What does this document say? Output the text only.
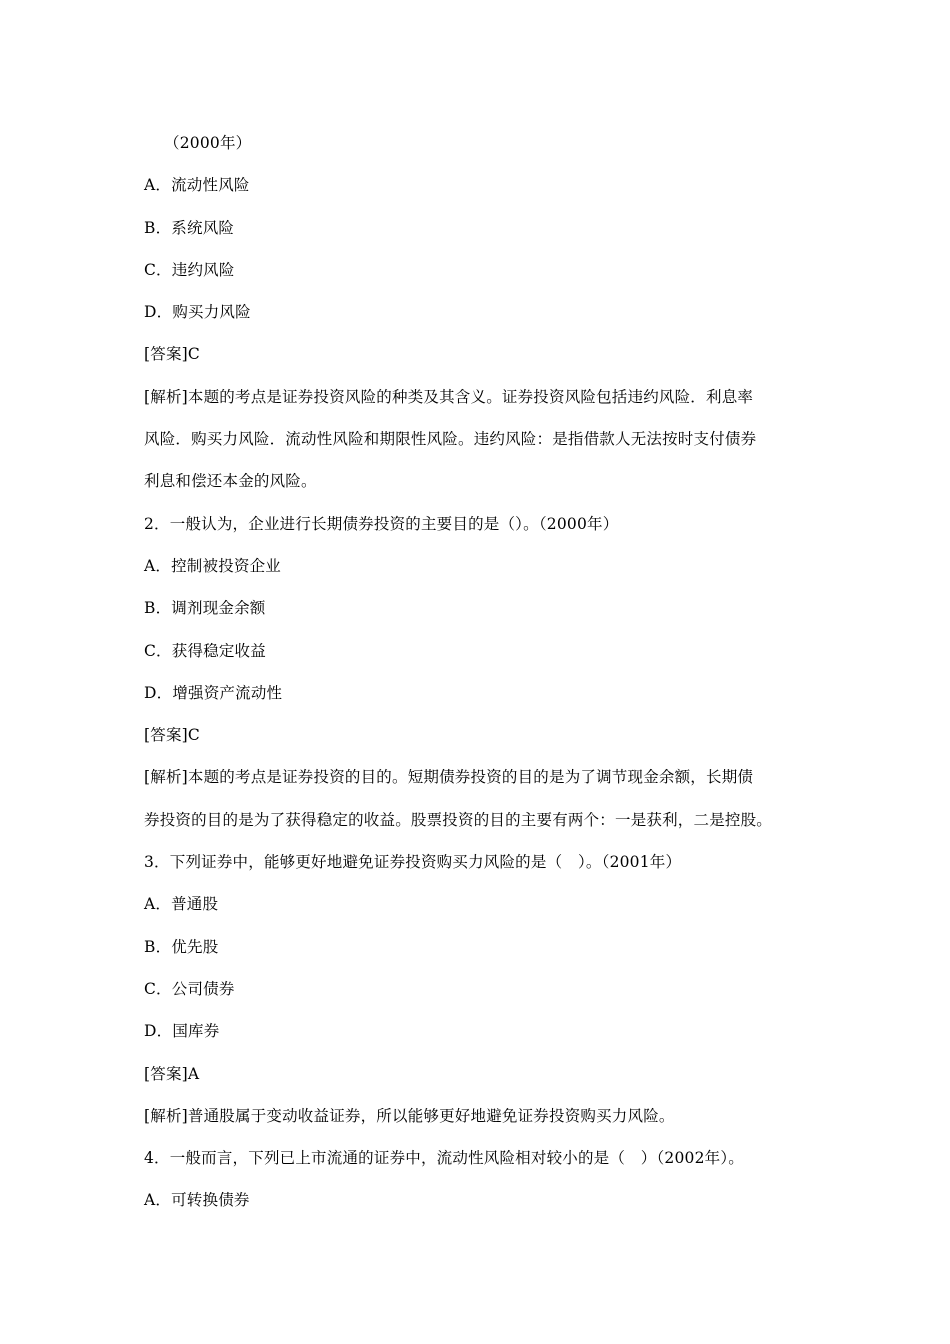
（2000年）
A．流动性风险
B．系统风险
C．违约风险
D．购买力风险
[答案]C
[解析]本题的考点是证券投资风险的种类及其含义。证券投资风险包括违约风险．利息率
风险．购买力风险．流动性风险和期限性风险。违约风险：是指借款人无法按时支付债券
利息和偿还本金的风险。
2．一般认为，企业进行长期债券投资的主要目的是（）。（2000年）
A．控制被投资企业
B．调剂现金余额
C．获得稳定收益
D．增强资产流动性
[答案]C
[解析]本题的考点是证券投资的目的。短期债券投资的目的是为了调节现金余额，长期债
券投资的目的是为了获得稳定的收益。股票投资的目的主要有两个：一是获利，二是控股。
3．下列证券中，能够更好地避免证券投资购买力风险的是（　）。（2001年）
A．普通股
B．优先股
C．公司债券
D．国库券
[答案]A
[解析]普通股属于变动收益证券，所以能够更好地避免证券投资购买力风险。
4．一般而言，下列已上市流通的证券中，流动性风险相对较小的是（　）（2002年）。
A．可转换债券
